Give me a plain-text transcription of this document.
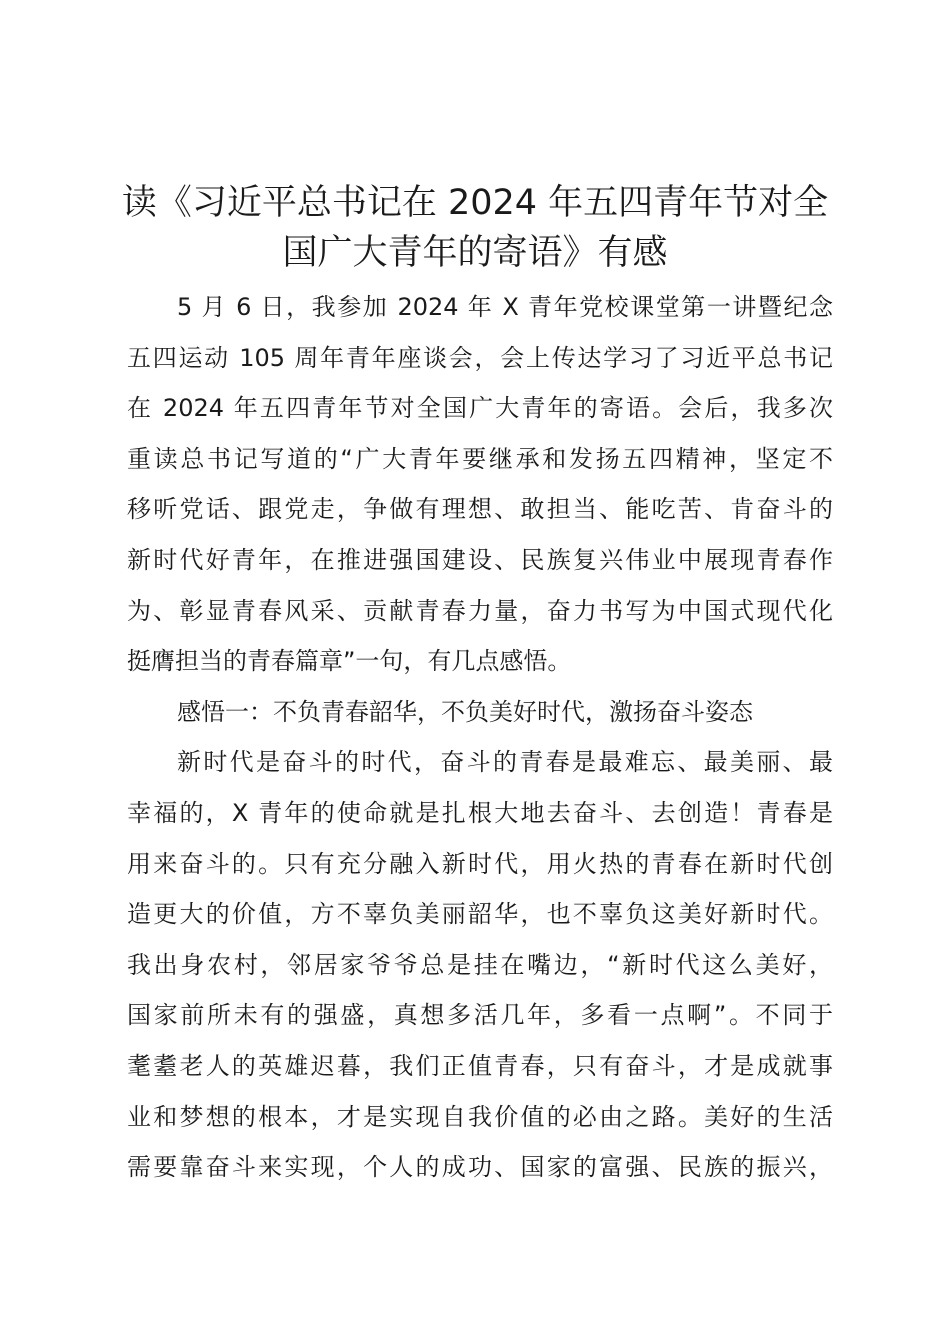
读《习近平总书记在 2024 年五四青年节对全
国广大青年的寄语》有感
5 月 6 日，我参加 2024 年 X 青年党校课堂第一讲暨纪念
五四运动 105 周年青年座谈会，会上传达学习了习近平总书记
在 2024 年五四青年节对全国广大青年的寄语。会后，我多次
重读总书记写道的“广大青年要继承和发扬五四精神，坚定不
移听党话、跟党走，争做有理想、敢担当、能吃苦、肯奋斗的
新时代好青年，在推进强国建设、民族复兴伟业中展现青春作
为、彰显青春风采、贡献青春力量，奋力书写为中国式现代化
挺膺担当的青春篇章”一句，有几点感悟。
感悟一：不负青春韶华，不负美好时代，激扬奋斗姿态
新时代是奋斗的时代，奋斗的青春是最难忘、最美丽、最
幸福的，X 青年的使命就是扎根大地去奋斗、去创造！青春是
用来奋斗的。只有充分融入新时代，用火热的青春在新时代创
造更大的价值，方不辜负美丽韶华，也不辜负这美好新时代。
我出身农村，邻居家爷爷总是挂在嘴边，“新时代这么美好，
国家前所未有的强盛，真想多活几年，多看一点啊”。不同于
耄耋老人的英雄迟暮，我们正值青春，只有奋斗，才是成就事
业和梦想的根本，才是实现自我价值的必由之路。美好的生活
需要靠奋斗来实现，个人的成功、国家的富强、民族的振兴，
